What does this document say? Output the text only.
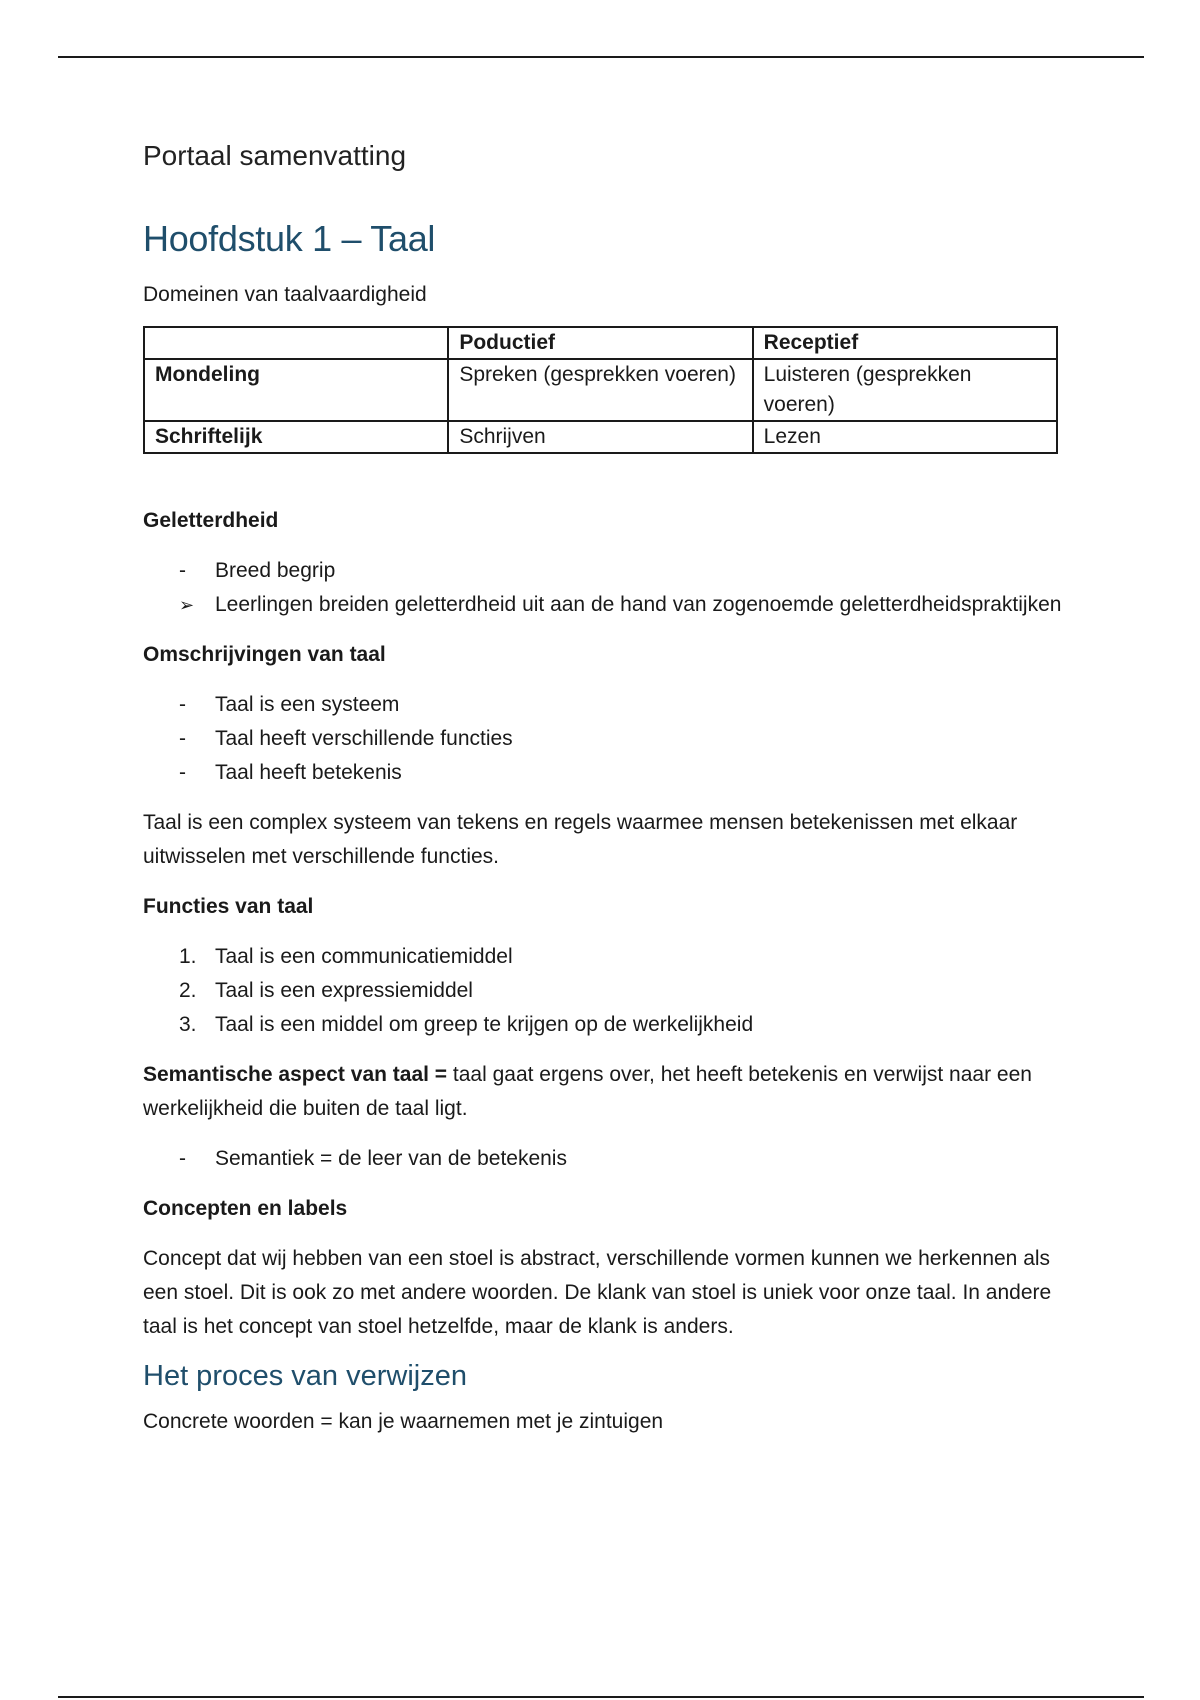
Portaal samenvatting
Hoofdstuk 1 – Taal

Domeinen van taalvaardigheid

	Poductief	Receptief
Mondeling	Spreken (gesprekken voeren)	Luisteren (gesprekken voeren)
Schriftelijk	Schrijven	Lezen
Geletterdheid
-	Breed begrip
➢ Leerlingen breiden geletterdheid uit aan de hand van zogenoemde geletterdheidspraktijken
Omschrijvingen van taal
-	Taal is een systeem
-	Taal heeft verschillende functies
-	Taal heeft betekenis

Taal is een complex systeem van tekens en regels waarmee mensen betekenissen met elkaar uitwisselen met verschillende functies.

Functies van taal
1. Taal is een communicatiemiddel
2. Taal is een expressiemiddel
3. Taal is een middel om greep te krijgen op de werkelijkheid

Semantische aspect van taal = taal gaat ergens over, het heeft betekenis en verwijst naar een werkelijkheid die buiten de taal ligt.

-	Semantiek = de leer van de betekenis
Concepten en labels

Concept dat wij hebben van een stoel is abstract, verschillende vormen kunnen we herkennen als een stoel. Dit is ook zo met andere woorden. De klank van stoel is uniek voor onze taal. In andere taal is het concept van stoel hetzelfde, maar de klank is anders.

Het proces van verwijzen

Concrete woorden = kan je waarnemen met je zintuigen
